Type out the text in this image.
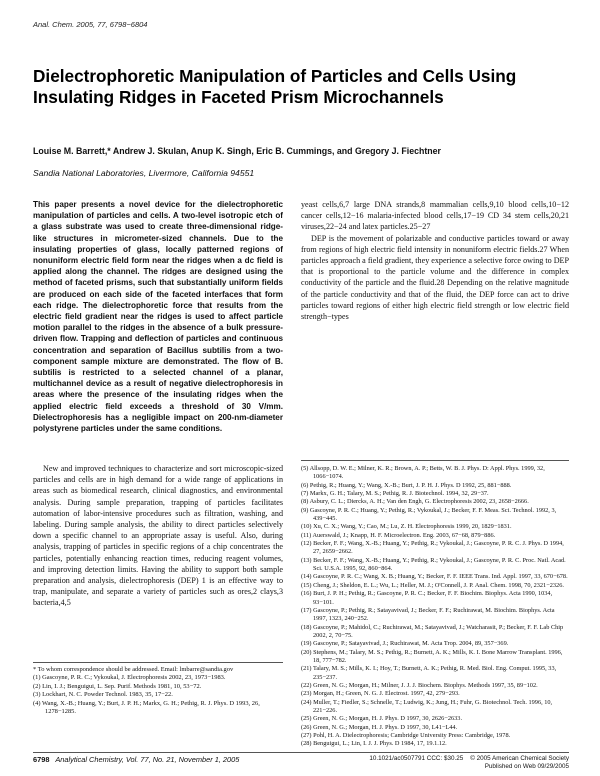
Anal. Chem. 2005, 77, 6798−6804
Dielectrophoretic Manipulation of Particles and Cells Using Insulating Ridges in Faceted Prism Microchannels
Louise M. Barrett,* Andrew J. Skulan, Anup K. Singh, Eric B. Cummings, and Gregory J. Fiechtner
Sandia National Laboratories, Livermore, California 94551
This paper presents a novel device for the dielectrophoretic manipulation of particles and cells. A two-level isotropic etch of a glass substrate was used to create three-dimensional ridge-like structures in micrometer-sized channels. Due to the insulating properties of glass, locally patterned regions of nonuniform electric field form near the ridges when a dc field is applied along the channel. The ridges are designed using the method of faceted prisms, such that substantially uniform fields are produced on each side of the faceted interfaces that form each ridge. The dielectrophoretic force that results from the electric field gradient near the ridges is used to affect particle motion parallel to the ridges in the absence of a bulk pressure-driven flow. Trapping and deflection of particles and continuous concentration and separation of Bacillus subtilis from a two-component sample mixture are demonstrated. The flow of B. subtilis is restricted to a selected channel of a planar, multichannel device as a result of negative dielectrophoresis in areas where the presence of the insulating ridges when the applied electric field exceeds a threshold of 30 V/mm. Dielectrophoresis has a negligible impact on 200-nm-diameter polystyrene particles under the same conditions.
New and improved techniques to characterize and sort microscopic-sized particles and cells are in high demand for a wide range of applications in areas such as biomedical research, clinical diagnostics, and environmental analysis. During sample preparation, trapping of particles facilitates automation of labor-intensive procedures such as filtration, washing, and labeling. During sample analysis, the ability to direct particles selectively down a specific channel to an appropriate assay is useful. Also, during analysis, trapping of particles in specific regions of a chip concentrates the particles, potentially enhancing reaction times, reducing reagent volumes, and improving detection limits. Having the ability to support both sample preparation and analysis, dielectrophoresis (DEP) 1 is an effective way to trap, manipulate, and separate a variety of particles such as ores,2 clays,3 bacteria,4,5
* To whom correspondence should be addressed. Email: lmbarre@sandia.gov
(1) Gascoyne, P. R. C.; Vykoukal, J. Electrophoresis 2002, 23, 1973−1983.
(2) Lin, I. J.; Benguigui, L. Sep. Purif. Methods 1981, 10, 53−72.
(3) Lockhart, N. C. Powder Technol. 1983, 35, 17−22.
(4) Wang, X.-B.; Huang, Y.; Burt, J. P. H.; Markx, G. H.; Pethig, R. J. Phys. D 1993, 26, 1278−1285.

yeast cells,6,7 large DNA strands,8 mammalian cells,9,10 blood cells,10−12 cancer cells,12−16 malaria-infected blood cells,17−19 CD 34 stem cells,20,21 viruses,22−24 and latex particles.25−27

DEP is the movement of polarizable and conductive particles toward or away from regions of high electric field intensity in nonuniform electric fields.27 When particles approach a field gradient, they experience a selective force owing to DEP that is proportional to the particle volume and the difference in complex conductivity of the particle and the fluid.28 Depending on the relative magnitude of the particle conductivity and that of the fluid, the DEP force can act to drive particles toward regions of either high electric field strength or low electric field strength−types

(5) Allsopp, D. W. E.; Milner, K. R.; Brown, A. P.; Betts, W. B. J. Phys. D: Appl. Phys. 1999, 32, 1066−1074.
(6) Pethig, R.; Huang, Y.; Wang, X.-B.; Burt, J. P. H. J. Phys. D 1992, 25, 881−888.
(7) Markx, G. H.; Talary, M. S.; Pethig, R. J. Biotechnol. 1994, 32, 29−37.
(8) Asbury, C. L.; Diercks, A. H.; Van den Engh, G. Electrophoresis 2002, 23, 2658−2666.
(9) Gascoyne, P. R. C.; Huang, Y.; Pethig, R.; Vykoukal, J.; Becker, F. F. Meas. Sci. Technol. 1992, 3, 439−445.
(10) Xu, C. X.; Wang, Y.; Cao, M.; Lu, Z. H. Electrophoresis 1999, 20, 1829−1831.
(11) Auerswald, J.; Knapp, H. F. Microelectron. Eng. 2003, 67−68, 879−886.
(12) Becker, F. F.; Wang, X.-B.; Huang, Y.; Pethig, R.; Vykoukal, J.; Gascoyne, P. R. C. J. Phys. D 1994, 27, 2659−2662.
(13) Becker, F. F.; Wang, X.-B.; Huang, Y.; Pethig, R.; Vykoukal, J.; Gascoyne, P. R. C. Proc. Natl. Acad. Sci. U.S.A. 1995, 92, 860−864.
(14) Gascoyne, P. R. C.; Wang, X. B.; Huang, Y.; Becker, F. F. IEEE Trans. Ind. Appl. 1997, 33, 670−678.
(15) Cheng, J.; Sheldon, E. L.; Wu, L.; Heller, M. J.; O'Connell, J. P. Anal. Chem. 1998, 70, 2321−2326.
(16) Burt, J. P. H.; Pethig, R.; Gascoyne, P. R. C.; Becker, F. F. Biochim. Biophys. Acta 1990, 1034, 93−101.
(17) Gascoyne, P.; Pethig, R.; Satayavivad, J.; Becker, F. F.; Ruchirawat, M. Biochim. Biophys. Acta 1997, 1323, 240−252.
(18) Gascoyne, P.; Mahidol, C.; Ruchirawat, M.; Satayavivad, J.; Watcharasit, P.; Becker, F. F. Lab Chip 2002, 2, 70−75.
(19) Gascoyne, P.; Satayavivad, J.; Ruchirawat, M. Acta Trop. 2004, 89, 357−369.
(20) Stephens, M.; Talary, M. S.; Pethig, R.; Burnett, A. K.; Mills, K. I. Bone Marrow Transplant. 1996, 18, 777−782.
(21) Talary, M. S.; Mills, K. I.; Hoy, T.; Burnett, A. K.; Pethig, R. Med. Biol. Eng. Comput. 1995, 33, 235−237.
(22) Green, N. G.; Morgan, H.; Milner, J. J. J. Biochem. Biophys. Methods 1997, 35, 89−102.
(23) Morgan, H.; Green, N. G. J. Electrost. 1997, 42, 279−293.
(24) Muller, T.; Fiedler, S.; Schnelle, T.; Ludwig, K.; Jung, H.; Fuhr, G. Biotechnol. Tech. 1996, 10, 221−226.
(25) Green, N. G.; Morgan, H. J. Phys. D 1997, 30, 2626−2633.
(26) Green, N. G.; Morgan, H. J. Phys. D 1997, 30, L41−L44.
(27) Pohl, H. A. Dielectrophoresis; Cambridge University Press: Cambridge, 1978.
(28) Benguigui, L.; Lin, I. J. J. Phys. D 1984, 17, 19.1.12.
6798 Analytical Chemistry, Vol. 77, No. 21, November 1, 2005	10.1021/ac0507791 CCC: $30.25 © 2005 American Chemical Society
Published on Web 09/29/2005
